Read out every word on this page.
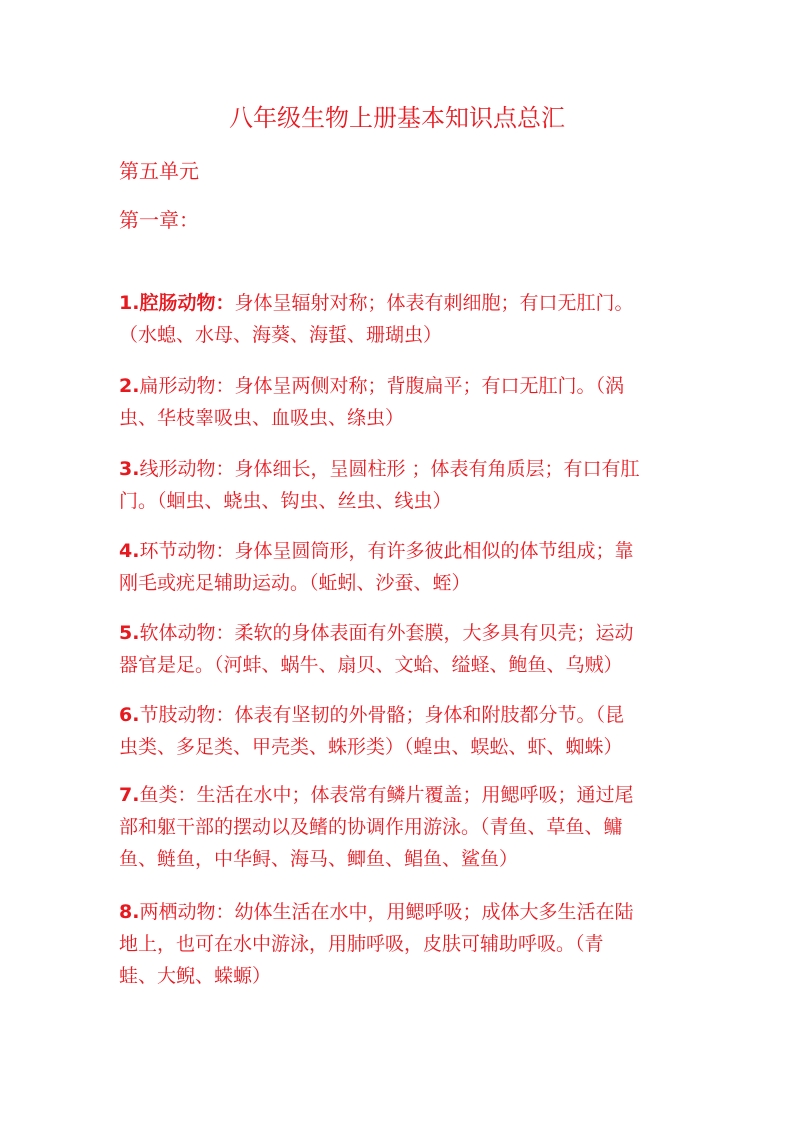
八年级生物上册基本知识点总汇
第五单元
第一章：

1.腔肠动物：身体呈辐射对称；体表有刺细胞；有口无肛门。
（水螅、水母、海葵、海蜇、珊瑚虫）

2.扁形动物：身体呈两侧对称；背腹扁平；有口无肛门。（涡
虫、华枝睾吸虫、血吸虫、绦虫）

3.线形动物：身体细长，呈圆柱形 ；体表有角质层；有口有肛
门。（蛔虫、蛲虫、钩虫、丝虫、线虫）

4.环节动物：身体呈圆筒形，有许多彼此相似的体节组成；靠
刚毛或疣足辅助运动。（蚯蚓、沙蚕、蛭）

5.软体动物：柔软的身体表面有外套膜，大多具有贝壳；运动
器官是足。（河蚌、蜗牛、扇贝、文蛤、缢蛏、鲍鱼、乌贼）

6.节肢动物：体表有坚韧的外骨骼；身体和附肢都分节。（昆
虫类、多足类、甲壳类、蛛形类）（蝗虫、蜈蚣、虾、蜘蛛）

7.鱼类：生活在水中；体表常有鳞片覆盖；用鳃呼吸；通过尾
部和躯干部的摆动以及鳍的协调作用游泳。（青鱼、草鱼、鳙
鱼、鲢鱼，中华鲟、海马、鲫鱼、鲳鱼、鲨鱼）

8.两栖动物：幼体生活在水中，用鳃呼吸；成体大多生活在陆
地上，也可在水中游泳，用肺呼吸，皮肤可辅助呼吸。（青
蛙、大鲵、蝾螈）
